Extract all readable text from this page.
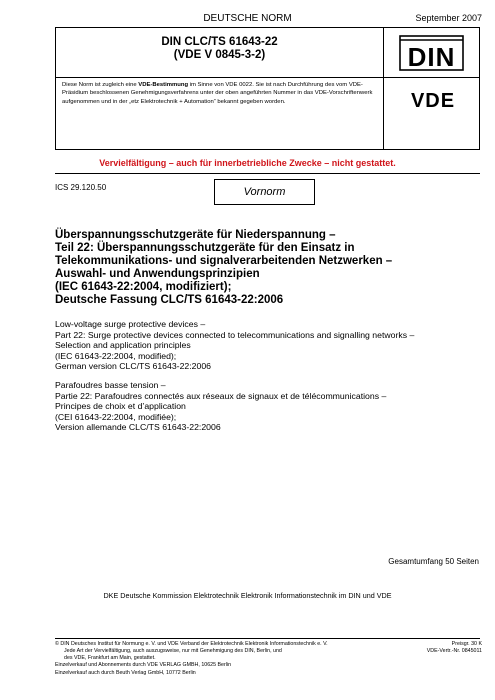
DEUTSCHE NORM	September 2007
DIN CLC/TS 61643-22
(VDE V 0845-3-2)
Diese Norm ist zugleich eine VDE-Bestimmung im Sinne von VDE 0022. Sie ist nach Durchführung des vom VDE-Präsidium beschlossenen Genehmigungsverfahrens unter der oben angeführten Nummer in das VDE-Vorschriftenwerk aufgenommen und in der „etz Elektrotechnik + Automation“ bekannt gegeben worden.
DIN
VDE
Vervielfältigung – auch für innerbetriebliche Zwecke – nicht gestattet.
ICS 29.120.50	Vornorm
Überspannungsschutzgeräte für Niederspannung –
Teil 22: Überspannungsschutzgeräte für den Einsatz in
Telekommunikations- und signalverarbeitenden Netzwerken –
Auswahl- und Anwendungsprinzipien
(IEC 61643-22:2004, modifiziert);
Deutsche Fassung CLC/TS 61643-22:2006
Low-voltage surge protective devices –
Part 22: Surge protective devices connected to telecommunications and signalling networks –
Selection and application principles
(IEC 61643-22:2004, modified);
German version CLC/TS 61643-22:2006
Parafoudres basse tension –
Partie 22: Parafoudres connectés aux réseaux de signaux et de télécommunications –
Principes de choix et d’application
(CEI 61643-22:2004, modifiée);
Version allemande CLC/TS 61643-22:2006
Gesamtumfang 50 Seiten
DKE Deutsche Kommission Elektrotechnik Elektronik Informationstechnik im DIN und VDE
© DIN Deutsches Institut für Normung e. V. und VDE Verband der Elektrotechnik Elektronik Informationstechnik e. V.
Jede Art der Vervielfältigung, auch auszugsweise, nur mit Genehmigung des DIN, Berlin, und
des VDE, Frankfurt am Main, gestattet.
Preisgr. 30 K
VDE-Vertr.-Nr. 0845011
Einzelverkauf und Abonnements durch VDE VERLAG GMBH, 10625 Berlin
Einzelverkauf auch durch Beuth Verlag GmbH, 10772 Berlin
